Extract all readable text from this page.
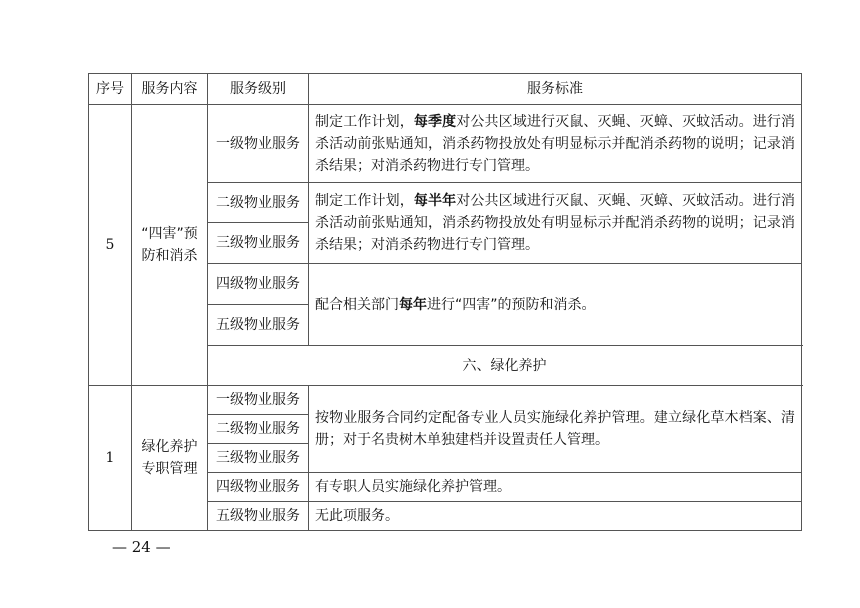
序号	服务内容	服务级别	服务标准
5	“四害”预防和消杀	一级物业服务	制定工作计划，每季度对公共区域进行灭鼠、灭蝇、灭蟑、灭蚊活动。进行消杀活动前张贴通知，消杀药物投放处有明显标示并配消杀药物的说明；记录消杀结果；对消杀药物进行专门管理。
		二级物业服务	制定工作计划，每半年对公共区域进行灭鼠、灭蝇、灭蟑、灭蚊活动。进行消杀活动前张贴通知，消杀药物投放处有明显标示并配消杀药物的说明；记录消杀结果；对消杀药物进行专门管理。
		三级物业服务	
		四级物业服务	配合相关部门每年进行“四害”的预防和消杀。
		五级物业服务	
		六、绿化养护	
1	绿化养护专职管理	一级物业服务	按物业服务合同约定配备专业人员实施绿化养护管理。建立绿化草木档案、清册；对于名贵树木单独建档并设置责任人管理。
		二级物业服务	
		三级物业服务	
		四级物业服务	有专职人员实施绿化养护管理。
		五级物业服务	无此项服务。
— 24 —
